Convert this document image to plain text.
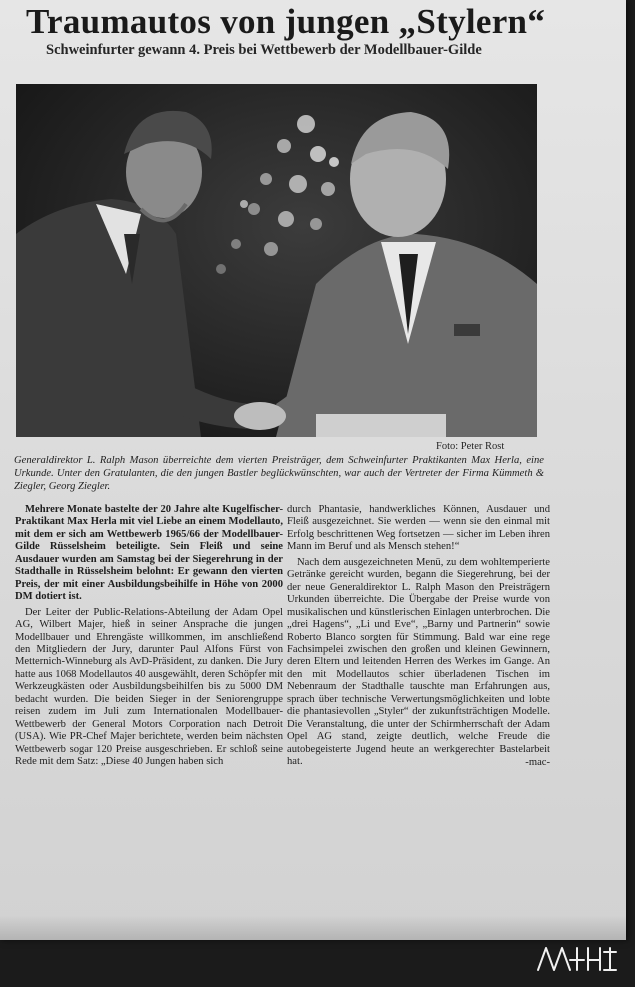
Traumautos von jungen „Stylern“
Schweinfurter gewann 4. Preis bei Wettbewerb der Modellbauer-Gilde

Foto: Peter Rost

Generaldirektor L. Ralph Mason überreichte dem vierten Preisträger, dem Schweinfurter Praktikanten Max Herla, eine Urkunde. Unter den Gratulanten, die den jungen Bastler beglückwünschten, war auch der Vertreter der Firma Kümmeth & Ziegler, Georg Ziegler.

Mehrere Monate bastelte der 20 Jahre alte Kugelfischer-Praktikant Max Herla mit viel Liebe an einem Modellauto, mit dem er sich am Wettbewerb 1965/66 der Modellbauer-Gilde Rüsselsheim beteiligte. Sein Fleiß und seine Ausdauer wurden am Samstag bei der Siegerehrung in der Stadthalle in Rüsselsheim belohnt: Er gewann den vierten Preis, der mit einer Ausbildungsbeihilfe in Höhe von 2000 DM dotiert ist.

Der Leiter der Public-Relations-Abteilung der Adam Opel AG, Wilbert Majer, hieß in seiner Ansprache die jungen Modellbauer und Ehrengäste willkommen, im anschließend den Mitgliedern der Jury, darunter Paul Alfons Fürst von Metternich-Winneburg als AvD-Präsident, zu danken. Die Jury hatte aus 1068 Modellautos 40 ausgewählt, deren Schöpfer mit Werkzeugkästen oder Ausbildungsbeihilfen bis zu 5000 DM bedacht wurden. Die beiden Sieger in der Seniorengruppe reisen zudem im Juli zum Internationalen Modellbauer-Wettbewerb der General Motors Corporation nach Detroit (USA). Wie PR-Chef Majer berichtete, werden beim nächsten Wettbewerb sogar 120 Preise ausgeschrieben. Er schloß seine Rede mit dem Satz: „Diese 40 Jungen haben sich

durch Phantasie, handwerkliches Können, Ausdauer und Fleiß ausgezeichnet. Sie werden — wenn sie den einmal mit Erfolg beschrittenen Weg fortsetzen — sicher im Leben ihren Mann im Beruf und als Mensch stehen!“

Nach dem ausgezeichneten Menü, zu dem wohltemperierte Getränke gereicht wurden, begann die Siegerehrung, bei der der neue Generaldirektor L. Ralph Mason den Preisträgern Urkunden überreichte. Die Übergabe der Preise wurde von musikalischen und künstlerischen Einlagen unterbrochen. Die „drei Hagens“, „Li und Eve“, „Barny und Partnerin“ sowie Roberto Blanco sorgten für Stimmung. Bald war eine rege Fachsimpelei zwischen den großen und kleinen Gewinnern, deren Eltern und leitenden Herren des Werkes im Gange. An den mit Modellautos schier überladenen Tischen im Nebenraum der Stadthalle tauschte man Erfahrungen aus, sprach über technische Verwertungsmöglichkeiten und lobte die phantasievollen „Styler“ der zukunftsträchtigen Modelle. Die Veranstaltung, die unter der Schirmherrschaft der Adam Opel AG stand, zeigte deutlich, welche Freude die autobegeisterte Jugend heute an werkgerechter Bastelarbeit hat.	-mac-
